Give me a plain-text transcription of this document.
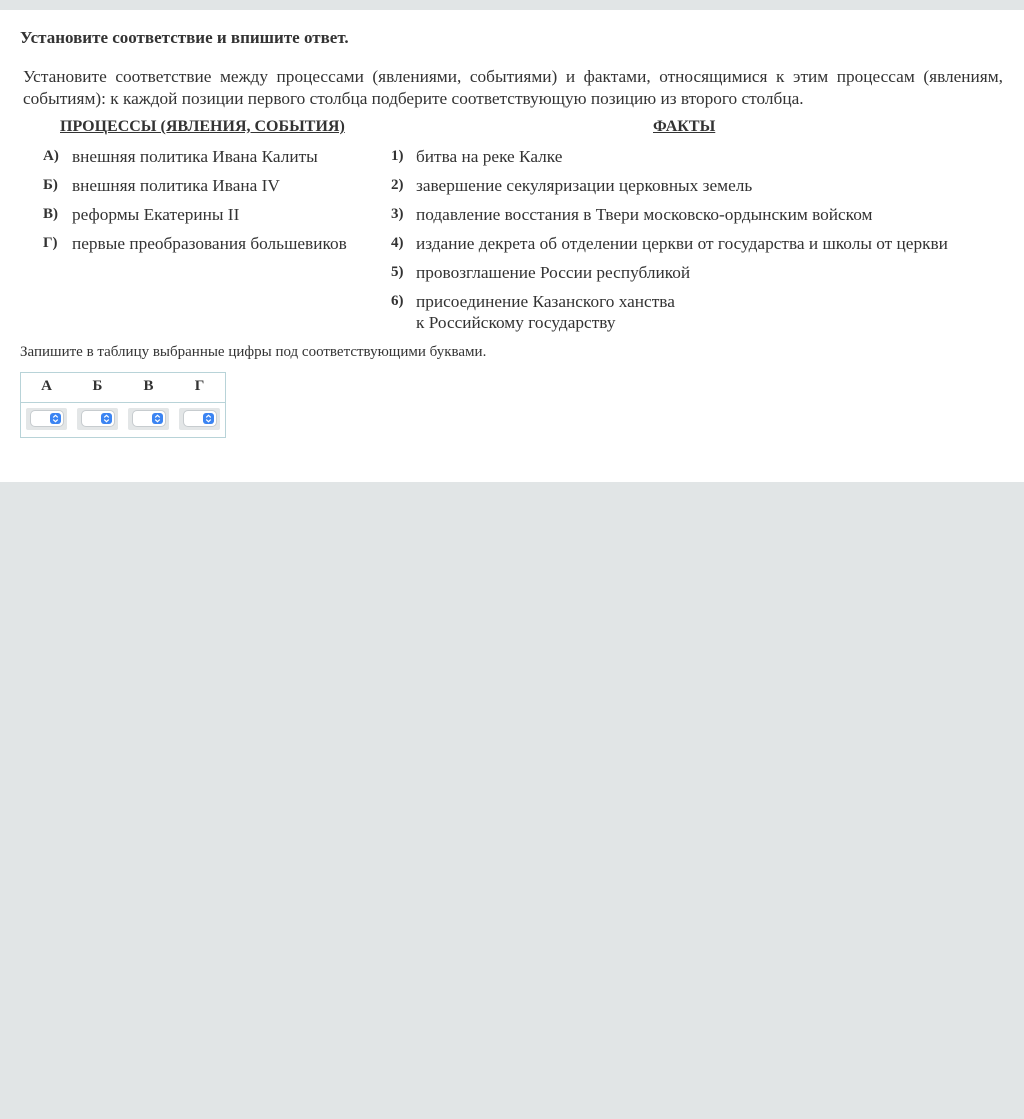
Установите соответствие и впишите ответ.

Установите соответствие между процессами (явлениями, событиями) и фактами, относящимися к этим процессам (явлениям, событиям): к каждой позиции первого столбца подберите соответствующую позицию из второго столбца.

ПРОЦЕССЫ (ЯВЛЕНИЯ, СОБЫТИЯ)	ФАКТЫ
А) внешняя политика Ивана Калиты
Б) внешняя политика Ивана IV
В) реформы Екатерины II
Г) первые преобразования большевиков
1) битва на реке Калке
2) завершение секуляризации церковных земель
3) подавление восстания в Твери московско-ордынским войском
4) издание декрета об отделении церкви от государства и школы от церкви
5) провозглашение России республикой
6) присоединение Казанского ханства
к Российскому государству
Запишите в таблицу выбранные цифры под соответствующими буквами.
А	Б	В	Г
